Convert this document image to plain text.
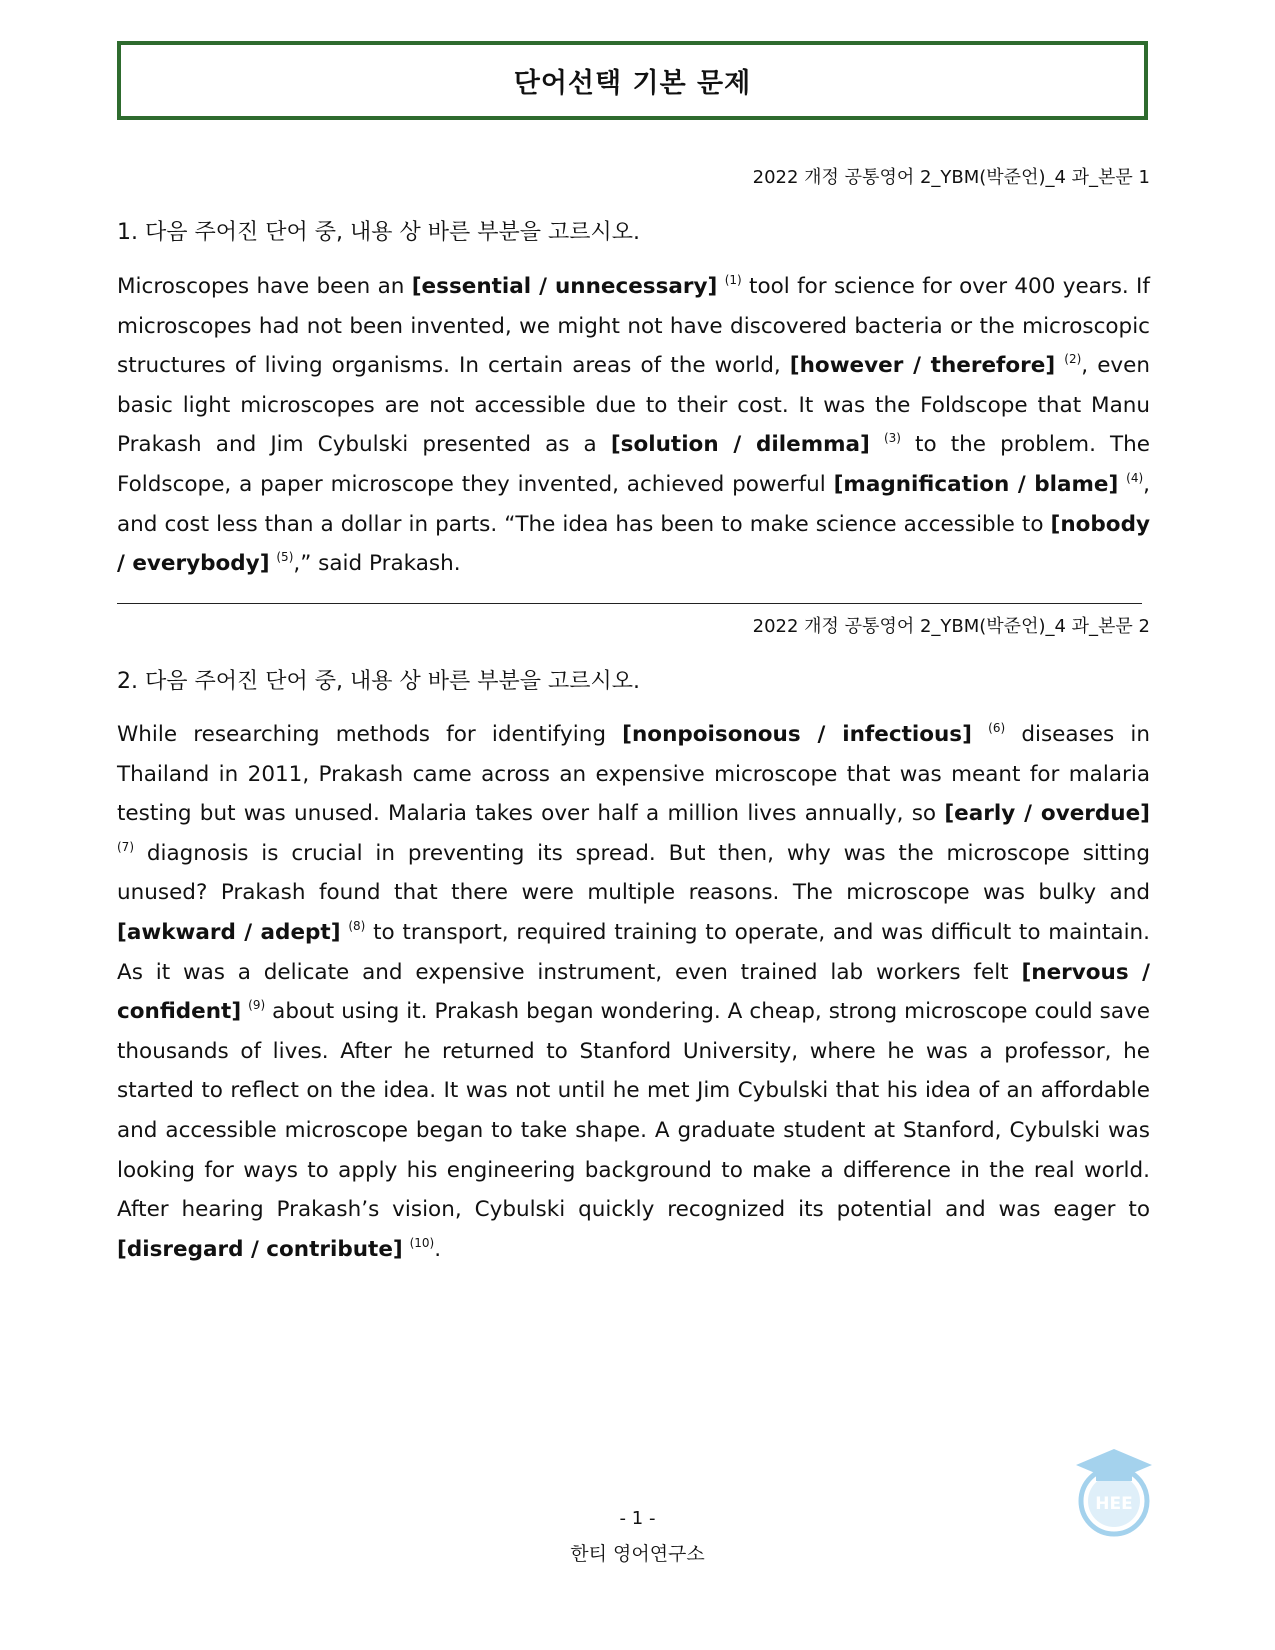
단어선택 기본 문제
2022 개정 공통영어 2_YBM(박준언)_4 과_본문 1
1. 다음 주어진 단어 중, 내용 상 바른 부분을 고르시오.
Microscopes have been an [essential / unnecessary] $^{(1)}$ tool for science for over 400 years. If microscopes had not been invented, we might not have discovered bacteria or the microscopic structures of living organisms. In certain areas of the world, [however / therefore] $^{(2)}$, even basic light microscopes are not accessible due to their cost. It was the Foldscope that Manu Prakash and Jim Cybulski presented as a [solution / dilemma] $^{(3)}$ to the problem. The Foldscope, a paper microscope they invented, achieved powerful [magnification / blame] $^{(4)}$, and cost less than a dollar in parts. “The idea has been to make science accessible to [nobody / everybody] $^{(5)}$,” said Prakash.
2022 개정 공통영어 2_YBM(박준언)_4 과_본문 2
2. 다음 주어진 단어 중, 내용 상 바른 부분을 고르시오.
While researching methods for identifying [nonpoisonous / infectious] $^{(6)}$ diseases in Thailand in 2011, Prakash came across an expensive microscope that was meant for malaria testing but was unused. Malaria takes over half a million lives annually, so [early / overdue] $^{(7)}$ diagnosis is crucial in preventing its spread. But then, why was the microscope sitting unused? Prakash found that there were multiple reasons. The microscope was bulky and [awkward / adept] $^{(8)}$ to transport, required training to operate, and was difficult to maintain. As it was a delicate and expensive instrument, even trained lab workers felt [nervous / confident] $^{(9)}$ about using it. Prakash began wondering. A cheap, strong microscope could save thousands of lives. After he returned to Stanford University, where he was a professor, he started to reflect on the idea. It was not until he met Jim Cybulski that his idea of an affordable and accessible microscope began to take shape. A graduate student at Stanford, Cybulski was looking for ways to apply his engineering background to make a difference in the real world. After hearing Prakash’s vision, Cybulski quickly recognized its potential and was eager to [disregard / contribute] $^{(10)}$.
- 1 -
한티 영어연구소
HEE
